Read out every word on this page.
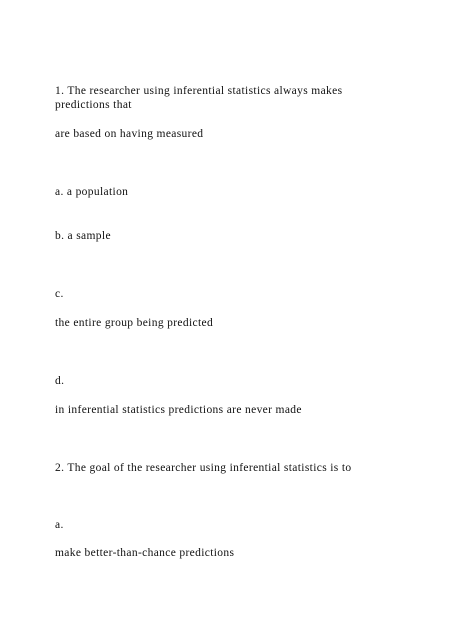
1. The researcher using inferential statistics always makes predictions that
are based on having measured
a. a population
b. a sample
c.
the entire group being predicted
d.
in inferential statistics predictions are never made
2. The goal of the researcher using inferential statistics is to
a.
make better-than-chance predictions
